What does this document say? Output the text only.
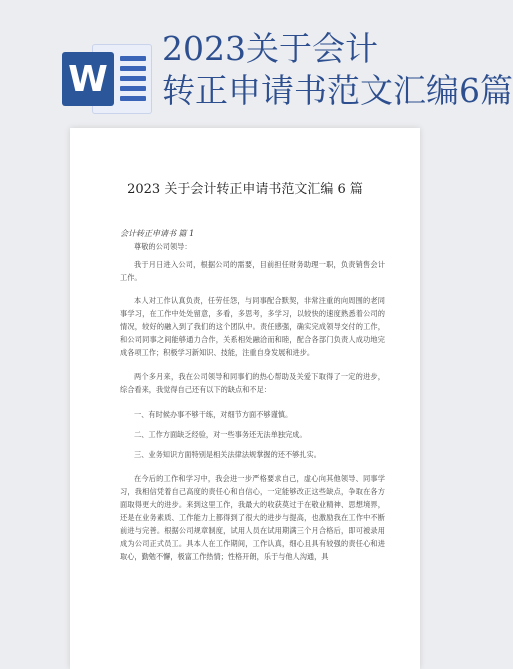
W
2023关于会计
转正申请书范文汇编6篇
2023 关于会计转正申请书范文汇编 6 篇
会计转正申请书 篇 1

尊敬的公司领导：

我于月日进入公司，根据公司的需要，目前担任财务助理一职，负责销售会计工作。

本人对工作认真负责，任劳任怨，与同事配合默契，非常注重的向周围的老同事学习，在工作中处处留意，多看，多思考，多学习，以较快的速度熟悉着公司的情况，较好的融入到了我们的这个团队中。责任感强，确实完成领导交付的工作，和公司同事之间能够通力合作，关系相处融洽而和睦，配合各部门负责人成功地完成各项工作；积极学习新知识、技能，注重自身发展和进步。

两个多月来，我在公司领导和同事们的热心帮助及关爱下取得了一定的进步，综合看来，我觉得自己还有以下的缺点和不足：

一、有时候办事不够干练，对细节方面不够谨慎。

二、工作方面缺乏经验，对一些事务还无法单独完成。

三、业务知识方面特别是相关法律法规掌握的还不够扎实。

在今后的工作和学习中，我会进一步严格要求自己，虚心向其他领导、同事学习，我相信凭着自己高度的责任心和自信心，一定能够改正这些缺点，争取在各方面取得更大的进步。来到这里工作，我最大的收获莫过于在敬业精神、思想境界，还是在业务素质、工作能力上都得到了很大的进步与提高，也激励我在工作中不断前进与完善。根据公司规章制度，试用人员在试用期满三个月合格后，即可被录用成为公司正式员工。具本人在工作期间，工作认真，细心且具有较强的责任心和进取心，勤勉不懈，极富工作热情；性格开朗，乐于与他人沟通，具
